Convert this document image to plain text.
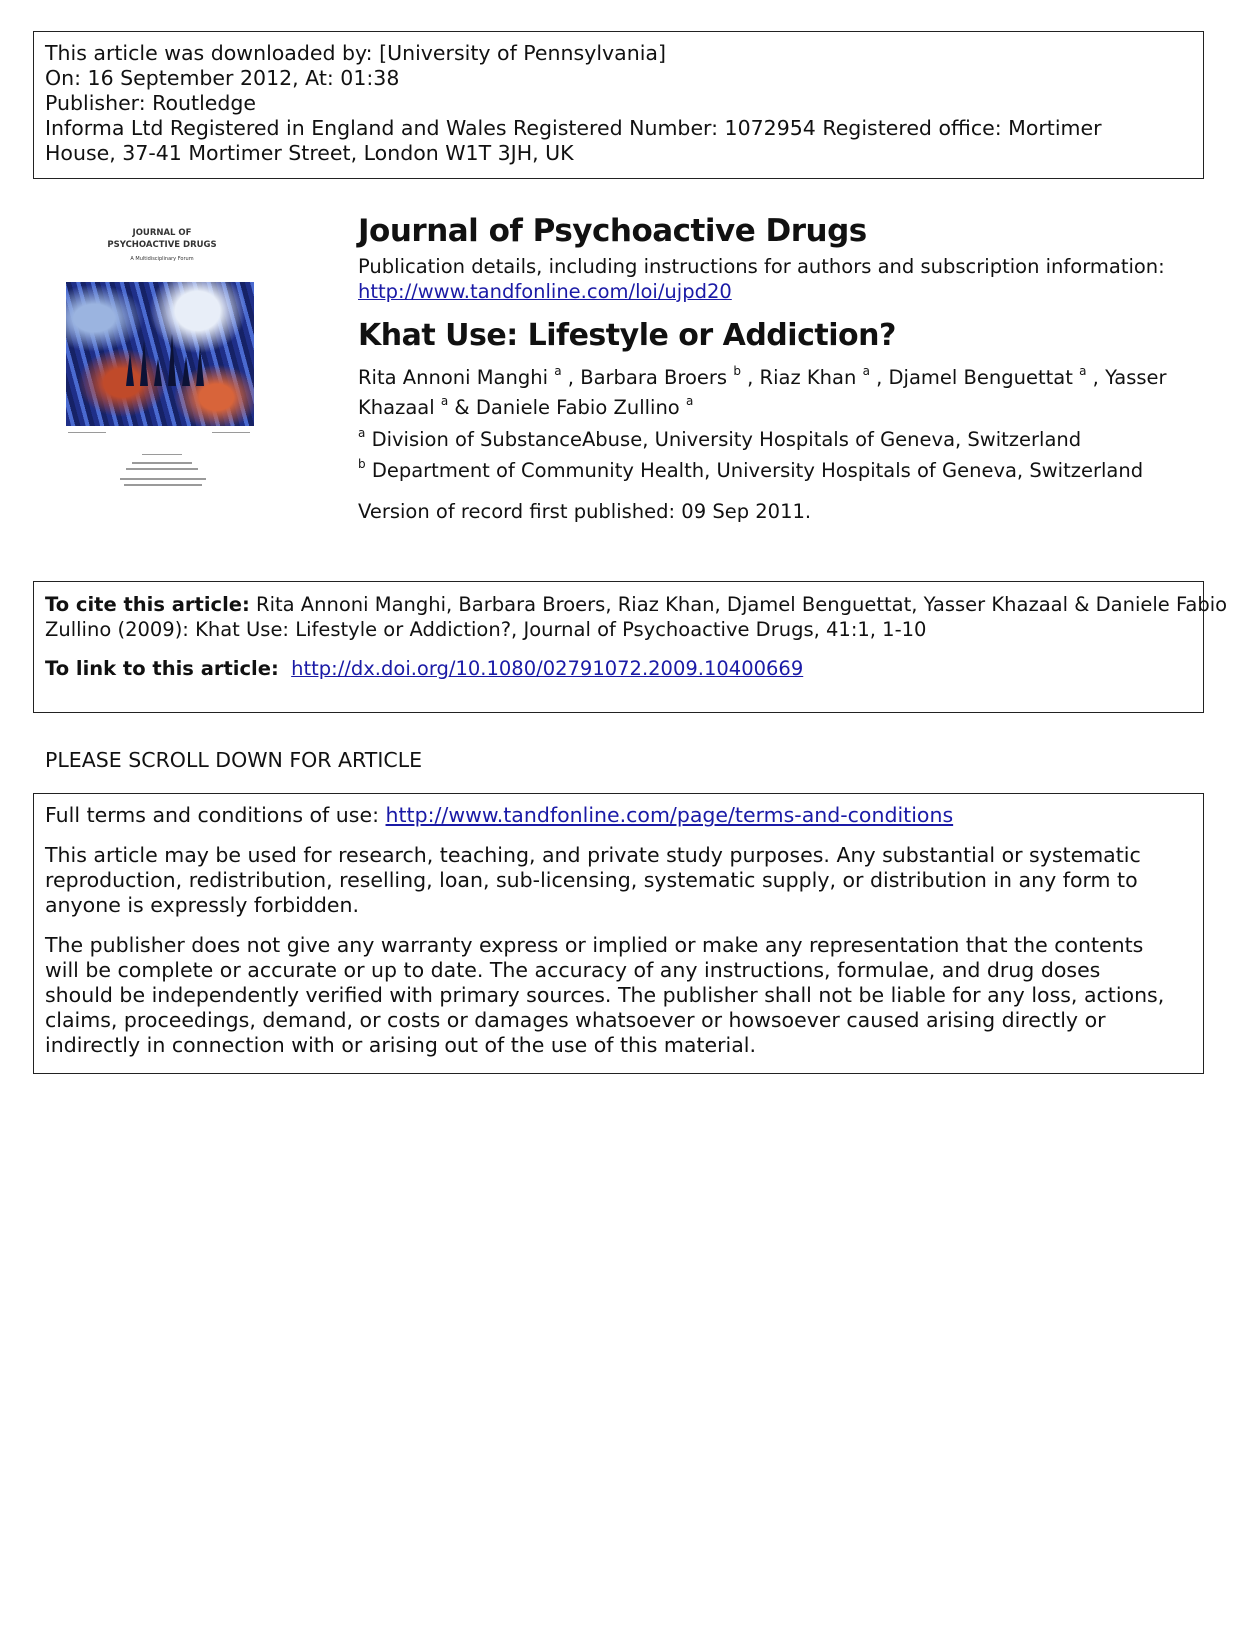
This article was downloaded by: [University of Pennsylvania]
On: 16 September 2012, At: 01:38
Publisher: Routledge
Informa Ltd Registered in England and Wales Registered Number: 1072954 Registered office: Mortimer
House, 37-41 Mortimer Street, London W1T 3JH, UK
JOURNAL OF
PSYCHOACTIVE DRUGS
A Multidisciplinary Forum
Journal of Psychoactive Drugs
Publication details, including instructions for authors and subscription information:
http://www.tandfonline.com/loi/ujpd20
Khat Use: Lifestyle or Addiction?
Rita Annoni Manghi $^a$ , Barbara Broers $^b$ , Riaz Khan $^a$ , Djamel Benguettat $^a$ , Yasser
Khazaal $^a$ & Daniele Fabio Zullino $^a$
$^a$ Division of SubstanceAbuse, University Hospitals of Geneva, Switzerland
$^b$ Department of Community Health, University Hospitals of Geneva, Switzerland
Version of record first published: 09 Sep 2011.
To cite this article: Rita Annoni Manghi, Barbara Broers, Riaz Khan, Djamel Benguettat, Yasser Khazaal & Daniele Fabio
Zullino (2009): Khat Use: Lifestyle or Addiction?, Journal of Psychoactive Drugs, 41:1, 1-10
To link to this article: http://dx.doi.org/10.1080/02791072.2009.10400669
PLEASE SCROLL DOWN FOR ARTICLE
Full terms and conditions of use: http://www.tandfonline.com/page/terms-and-conditions
This article may be used for research, teaching, and private study purposes. Any substantial or systematic
reproduction, redistribution, reselling, loan, sub-licensing, systematic supply, or distribution in any form to
anyone is expressly forbidden.
The publisher does not give any warranty express or implied or make any representation that the contents
will be complete or accurate or up to date. The accuracy of any instructions, formulae, and drug doses
should be independently verified with primary sources. The publisher shall not be liable for any loss, actions,
claims, proceedings, demand, or costs or damages whatsoever or howsoever caused arising directly or
indirectly in connection with or arising out of the use of this material.
